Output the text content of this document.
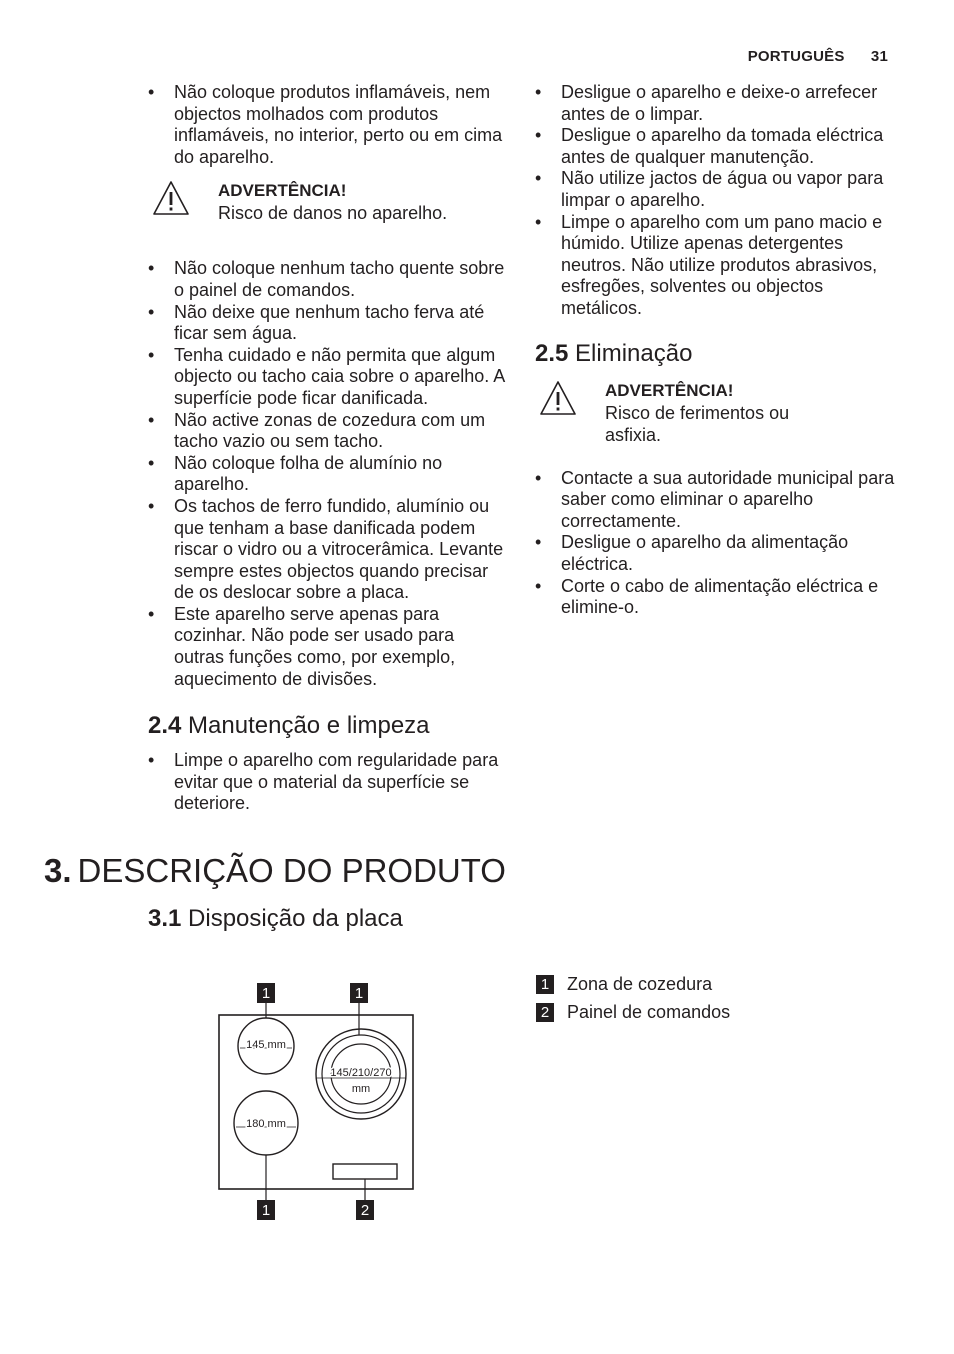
PORTUGUÊS 31
• Não coloque produtos inflamáveis, nem objectos molhados com produtos inflamáveis, no interior, perto ou em cima do aparelho.
ADVERTÊNCIA!
Risco de danos no aparelho.
• Não coloque nenhum tacho quente sobre o painel de comandos.
• Não deixe que nenhum tacho ferva até ficar sem água.
• Tenha cuidado e não permita que algum objecto ou tacho caia sobre o aparelho. A superfície pode ficar danificada.
• Não active zonas de cozedura com um tacho vazio ou sem tacho.
• Não coloque folha de alumínio no aparelho.
• Os tachos de ferro fundido, alumínio ou que tenham a base danificada podem riscar o vidro ou a vitrocerâmica. Levante sempre estes objectos quando precisar de os deslocar sobre a placa.
• Este aparelho serve apenas para cozinhar. Não pode ser usado para outras funções como, por exemplo, aquecimento de divisões.
2.4 Manutenção e limpeza
• Limpe o aparelho com regularidade para evitar que o material da superfície se deteriore.
• Desligue o aparelho e deixe-o arrefecer antes de o limpar.
• Desligue o aparelho da tomada eléctrica antes de qualquer manutenção.
• Não utilize jactos de água ou vapor para limpar o aparelho.
• Limpe o aparelho com um pano macio e húmido. Utilize apenas detergentes neutros. Não utilize produtos abrasivos, esfregões, solventes ou objectos metálicos.
2.5 Eliminação
ADVERTÊNCIA!
Risco de ferimentos ou
asfixia.
• Contacte a sua autoridade municipal para saber como eliminar o aparelho correctamente.
• Desligue o aparelho da alimentação eléctrica.
• Corte o cabo de alimentação eléctrica e elimine-o.
3. DESCRIÇÃO DO PRODUTO
3.1 Disposição da placa
1	1
145 mm
145/210/270
mm
180 mm
1	2
1 Zona de cozedura
2 Painel de comandos
